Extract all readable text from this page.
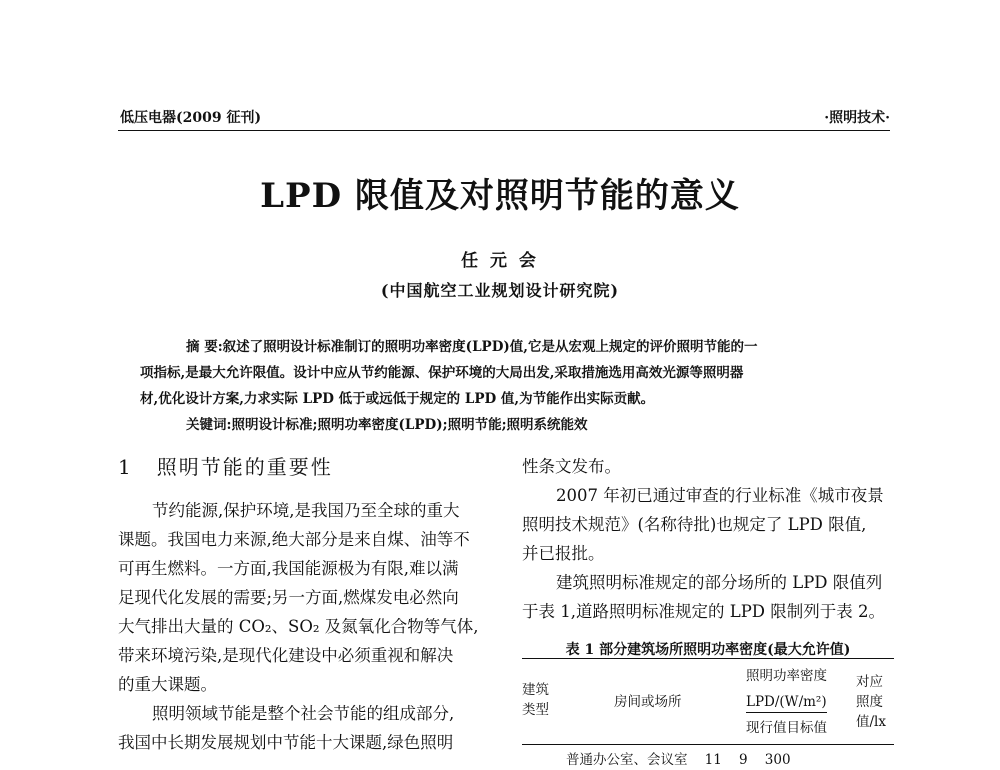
低压电器(2009 征刊)	·照明技术·
LPD 限值及对照明节能的意义
任 元 会
(中国航空工业规划设计研究院)
摘 要:叙述了照明设计标准制订的照明功率密度(LPD)值,它是从宏观上规定的评价照明节能的一
项指标,是最大允许限值。设计中应从节约能源、保护环境的大局出发,采取措施选用高效光源等照明器
材,优化设计方案,力求实际 LPD 低于或远低于规定的 LPD 值,为节能作出实际贡献。
关键词:照明设计标准;照明功率密度(LPD);照明节能;照明系统能效
1 照明节能的重要性
节约能源,保护环境,是我国乃至全球的重大
课题。我国电力来源,绝大部分是来自煤、油等不
可再生燃料。一方面,我国能源极为有限,难以满
足现代化发展的需要;另一方面,燃煤发电必然向
大气排出大量的 CO₂、SO₂ 及氮氧化合物等气体,
带来环境污染,是现代化建设中必须重视和解决
的重大课题。
照明领域节能是整个社会节能的组成部分,
我国中长期发展规划中节能十大课题,绿色照明
性条文发布。
2007 年初已通过审查的行业标准《城市夜景
照明技术规范》(名称待批)也规定了 LPD 限值,
并已报批。
建筑照明标准规定的部分场所的 LPD 限值列
于表 1,道路照明标准规定的 LPD 限制列于表 2。
表 1 部分建筑场所照明功率密度(最大允许值)
建筑类型	房间或场所
照明功率密度
LPD/(W/m²)
现行值目标值
对应照度值/lx
普通办公室、会议室    11    9    300
